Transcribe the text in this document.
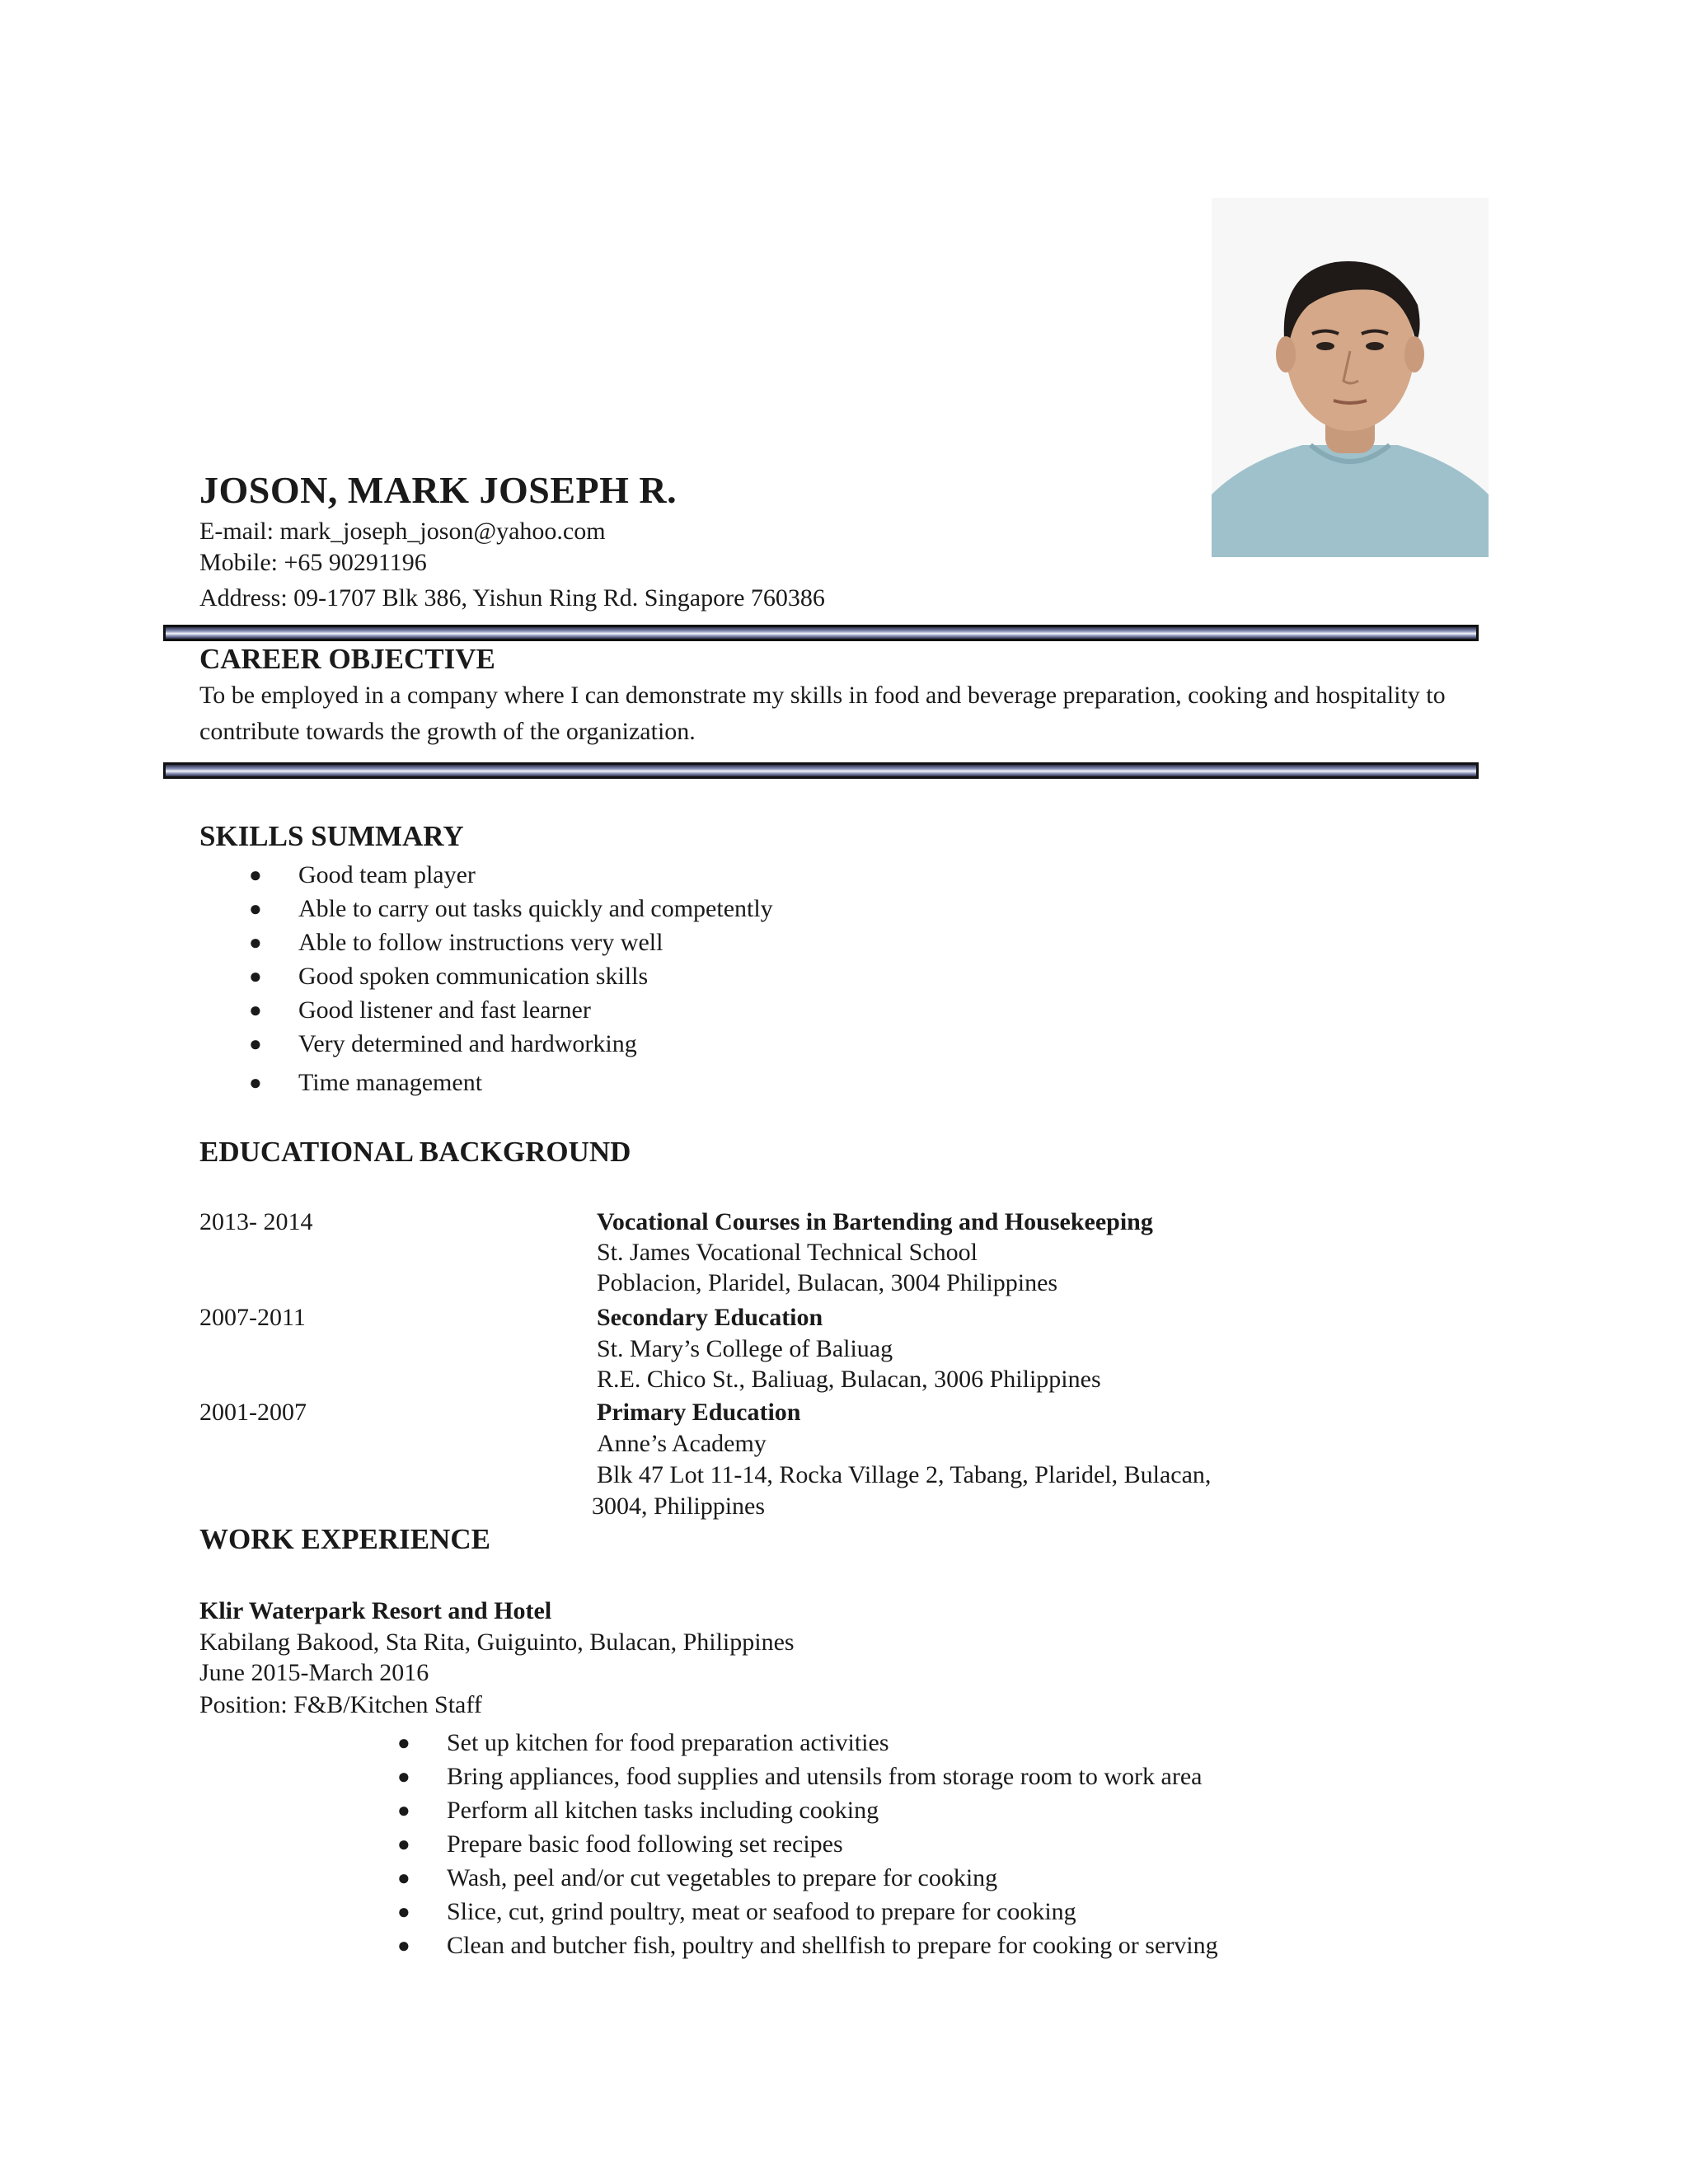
JOSON, MARK JOSEPH R.

E-mail: mark_joseph_joson@yahoo.com

Mobile: +65 90291196

Address: 09-1707 Blk 386, Yishun Ring Rd. Singapore 760386

CAREER OBJECTIVE

To be employed in a company where I can demonstrate my skills in food and beverage preparation, cooking and hospitality to contribute towards the growth of the organization.

SKILLS SUMMARY
● Good team player
● Able to carry out tasks quickly and competently
● Able to follow instructions very well
● Good spoken communication skills
● Good listener and fast learner
● Very determined and hardworking
● Time management
EDUCATIONAL BACKGROUND

2013- 2014	Vocational Courses in Bartending and Housekeeping

St. James Vocational Technical School

Poblacion, Plaridel, Bulacan, 3004 Philippines

2007-2011	Secondary Education

St. Mary’s College of Baliuag

R.E. Chico St., Baliuag, Bulacan, 3006 Philippines

2001-2007	Primary Education

Anne’s Academy

Blk 47 Lot 11-14, Rocka Village 2, Tabang, Plaridel, Bulacan,

3004, Philippines

WORK EXPERIENCE

Klir Waterpark Resort and Hotel

Kabilang Bakood, Sta Rita, Guiguinto, Bulacan, Philippines

June 2015-March 2016

Position: F&B/Kitchen Staff

● Set up kitchen for food preparation activities
● Bring appliances, food supplies and utensils from storage room to work area
● Perform all kitchen tasks including cooking
● Prepare basic food following set recipes
● Wash, peel and/or cut vegetables to prepare for cooking
● Slice, cut, grind poultry, meat or seafood to prepare for cooking
● Clean and butcher fish, poultry and shellfish to prepare for cooking or serving
